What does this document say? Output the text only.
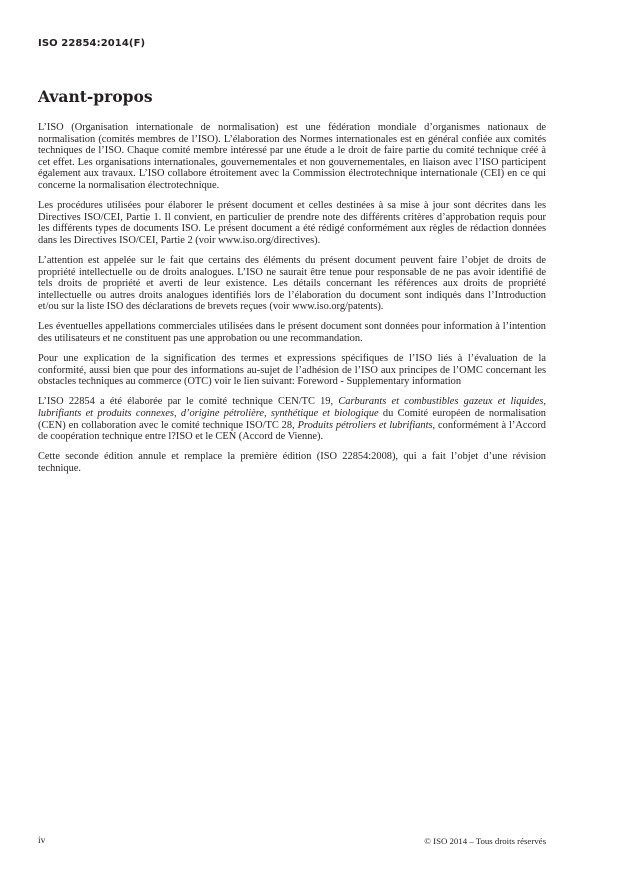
ISO 22854:2014(F)
Avant-propos

L’ISO (Organisation internationale de normalisation) est une fédération mondiale d’organismes nationaux de normalisation (comités membres de l’ISO). L’élaboration des Normes internationales est en général confiée aux comités techniques de l’ISO. Chaque comité membre intéressé par une étude a le droit de faire partie du comité technique créé à cet effet. Les organisations internationales, gouvernementales et non gouvernementales, en liaison avec l’ISO participent également aux travaux. L’ISO collabore étroitement avec la Commission électrotechnique internationale (CEI) en ce qui concerne la normalisation électrotechnique.

Les procédures utilisées pour élaborer le présent document et celles destinées à sa mise à jour sont décrites dans les Directives ISO/CEI, Partie 1. Il convient, en particulier de prendre note des différents critères d’approbation requis pour les différents types de documents ISO. Le présent document a été rédigé conformément aux règles de rédaction données dans les Directives ISO/CEI, Partie 2 (voir www.iso.org/directives).

L’attention est appelée sur le fait que certains des éléments du présent document peuvent faire l’objet de droits de propriété intellectuelle ou de droits analogues. L’ISO ne saurait être tenue pour responsable de ne pas avoir identifié de tels droits de propriété et averti de leur existence. Les détails concernant les références aux droits de propriété intellectuelle ou autres droits analogues identifiés lors de l’élaboration du document sont indiqués dans l’Introduction et/ou sur la liste ISO des déclarations de brevets reçues (voir www.iso.org/patents).

Les éventuelles appellations commerciales utilisées dans le présent document sont données pour information à l’intention des utilisateurs et ne constituent pas une approbation ou une recommandation.

Pour une explication de la signification des termes et expressions spécifiques de l’ISO liés à l’évaluation de la conformité, aussi bien que pour des informations au-sujet de l’adhésion de l’ISO aux principes de l’OMC concernant les obstacles techniques au commerce (OTC) voir le lien suivant: Foreword - Supplementary information

L’ISO 22854 a été élaborée par le comité technique CEN/TC 19, Carburants et combustibles gazeux et liquides, lubrifiants et produits connexes, d’origine pétrolière, synthétique et biologique du Comité européen de normalisation (CEN) en collaboration avec le comité technique ISO/TC 28, Produits pétroliers et lubrifiants, conformément à l’Accord de coopération technique entre l?ISO et le CEN (Accord de Vienne).

Cette seconde édition annule et remplace la première édition (ISO 22854:2008), qui a fait l’objet d’une révision technique.

iv	© ISO 2014 – Tous droits réservés
